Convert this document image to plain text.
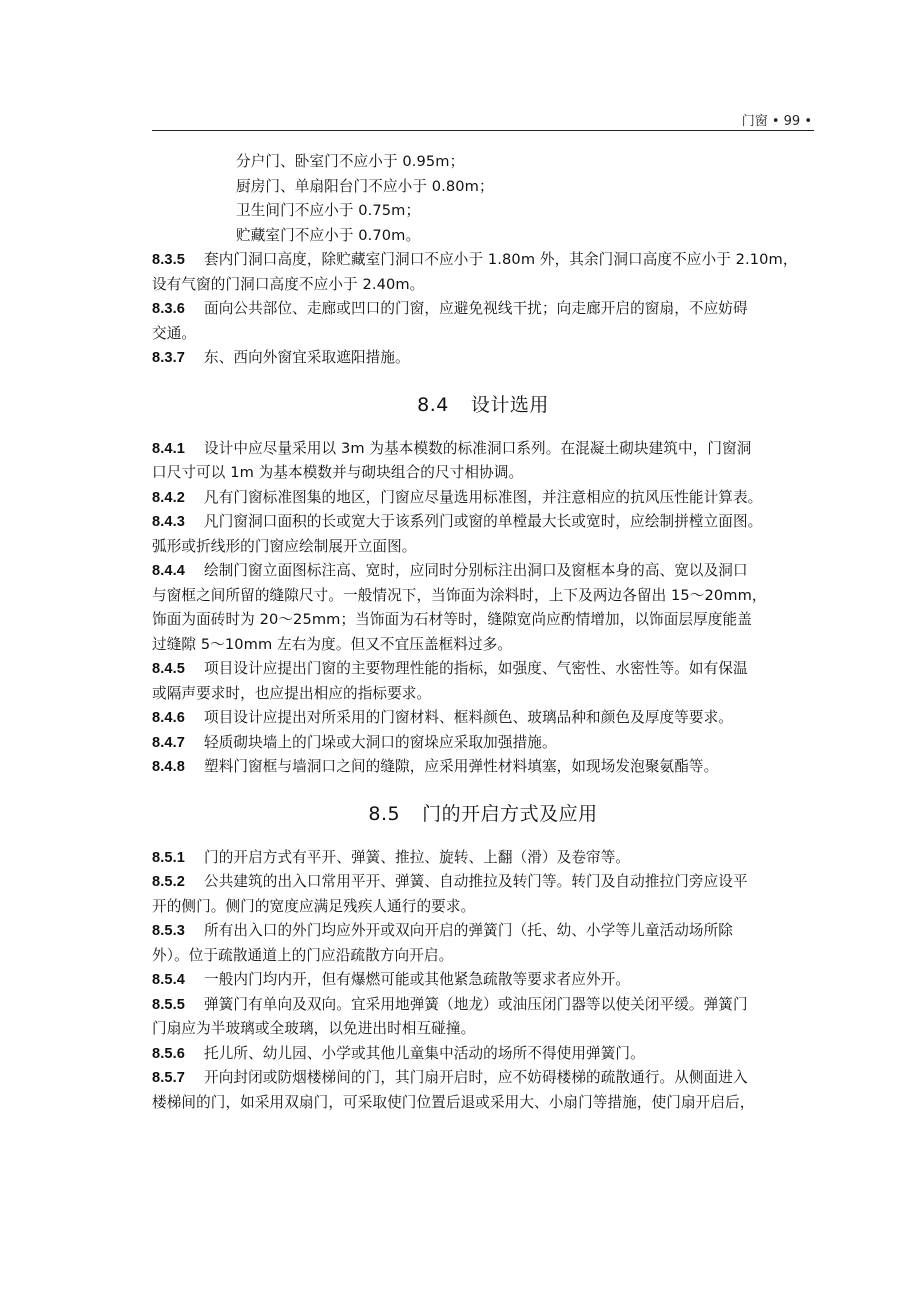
门窗 • 99 •
分户门、卧室门不应小于 0.95m；
厨房门、单扇阳台门不应小于 0.80m；
卫生间门不应小于 0.75m；
贮藏室门不应小于 0.70m。
8.3.5 套内门洞口高度，除贮藏室门洞口不应小于 1.80m 外，其余门洞口高度不应小于 2.10m，
设有气窗的门洞口高度不应小于 2.40m。
8.3.6 面向公共部位、走廊或凹口的门窗，应避免视线干扰；向走廊开启的窗扇，不应妨碍
交通。
8.3.7 东、西向外窗宜采取遮阳措施。
8.4 设计选用
8.4.1 设计中应尽量采用以 3m 为基本模数的标准洞口系列。在混凝土砌块建筑中，门窗洞
口尺寸可以 1m 为基本模数并与砌块组合的尺寸相协调。
8.4.2 凡有门窗标准图集的地区，门窗应尽量选用标准图，并注意相应的抗风压性能计算表。
8.4.3 凡门窗洞口面积的长或宽大于该系列门或窗的单樘最大长或宽时，应绘制拼樘立面图。
弧形或折线形的门窗应绘制展开立面图。
8.4.4 绘制门窗立面图标注高、宽时，应同时分别标注出洞口及窗框本身的高、宽以及洞口
与窗框之间所留的缝隙尺寸。一般情况下，当饰面为涂料时，上下及两边各留出 15～20mm，
饰面为面砖时为 20～25mm；当饰面为石材等时，缝隙宽尚应酌情增加，以饰面层厚度能盖
过缝隙 5～10mm 左右为度。但又不宜压盖框料过多。
8.4.5 项目设计应提出门窗的主要物理性能的指标，如强度、气密性、水密性等。如有保温
或隔声要求时，也应提出相应的指标要求。
8.4.6 项目设计应提出对所采用的门窗材料、框料颜色、玻璃品种和颜色及厚度等要求。
8.4.7 轻质砌块墙上的门垛或大洞口的窗垛应采取加强措施。
8.4.8 塑料门窗框与墙洞口之间的缝隙，应采用弹性材料填塞，如现场发泡聚氨酯等。
8.5 门的开启方式及应用
8.5.1 门的开启方式有平开、弹簧、推拉、旋转、上翻（滑）及卷帘等。
8.5.2 公共建筑的出入口常用平开、弹簧、自动推拉及转门等。转门及自动推拉门旁应设平
开的侧门。侧门的宽度应满足残疾人通行的要求。
8.5.3 所有出入口的外门均应外开或双向开启的弹簧门（托、幼、小学等儿童活动场所除
外）。位于疏散通道上的门应沿疏散方向开启。
8.5.4 一般内门均内开，但有爆燃可能或其他紧急疏散等要求者应外开。
8.5.5 弹簧门有单向及双向。宜采用地弹簧（地龙）或油压闭门器等以使关闭平缓。弹簧门
门扇应为半玻璃或全玻璃，以免进出时相互碰撞。
8.5.6 托儿所、幼儿园、小学或其他儿童集中活动的场所不得使用弹簧门。
8.5.7 开向封闭或防烟楼梯间的门，其门扇开启时，应不妨碍楼梯的疏散通行。从侧面进入
楼梯间的门，如采用双扇门，可采取使门位置后退或采用大、小扇门等措施，使门扇开启后，
